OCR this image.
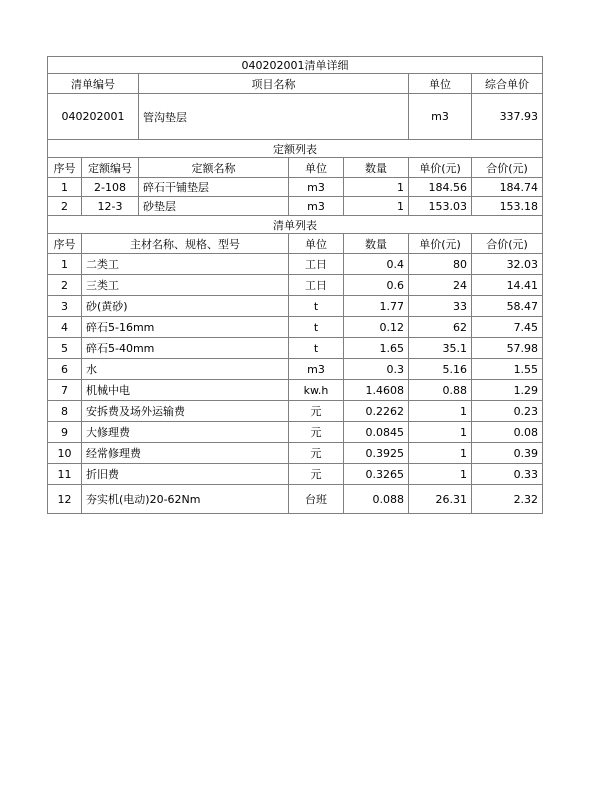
040202001清单详细						
清单编号		项目名称			单位	综合单价
040202001		管沟垫层			m3	337.93
定额列表						
序号	定额编号	定额名称	单位	数量	单价(元)	合价(元)
1	2-108	碎石干铺垫层	m3	1	184.56	184.74
2	12-3	砂垫层	m3	1	153.03	153.18
清单列表						
序号	主材名称、规格、型号		单位	数量	单价(元)	合价(元)
1	二类工		工日	0.4	80	32.03
2	三类工		工日	0.6	24	14.41
3	砂(黄砂)		t	1.77	33	58.47
4	碎石5-16mm		t	0.12	62	7.45
5	碎石5-40mm		t	1.65	35.1	57.98
6	水		m3	0.3	5.16	1.55
7	机械中电		kw.h	1.4608	0.88	1.29
8	安拆费及场外运输费		元	0.2262	1	0.23
9	大修理费		元	0.0845	1	0.08
10	经常修理费		元	0.3925	1	0.39
11	折旧费		元	0.3265	1	0.33
12	夯实机(电动)20-62Nm		台班	0.088	26.31	2.32
